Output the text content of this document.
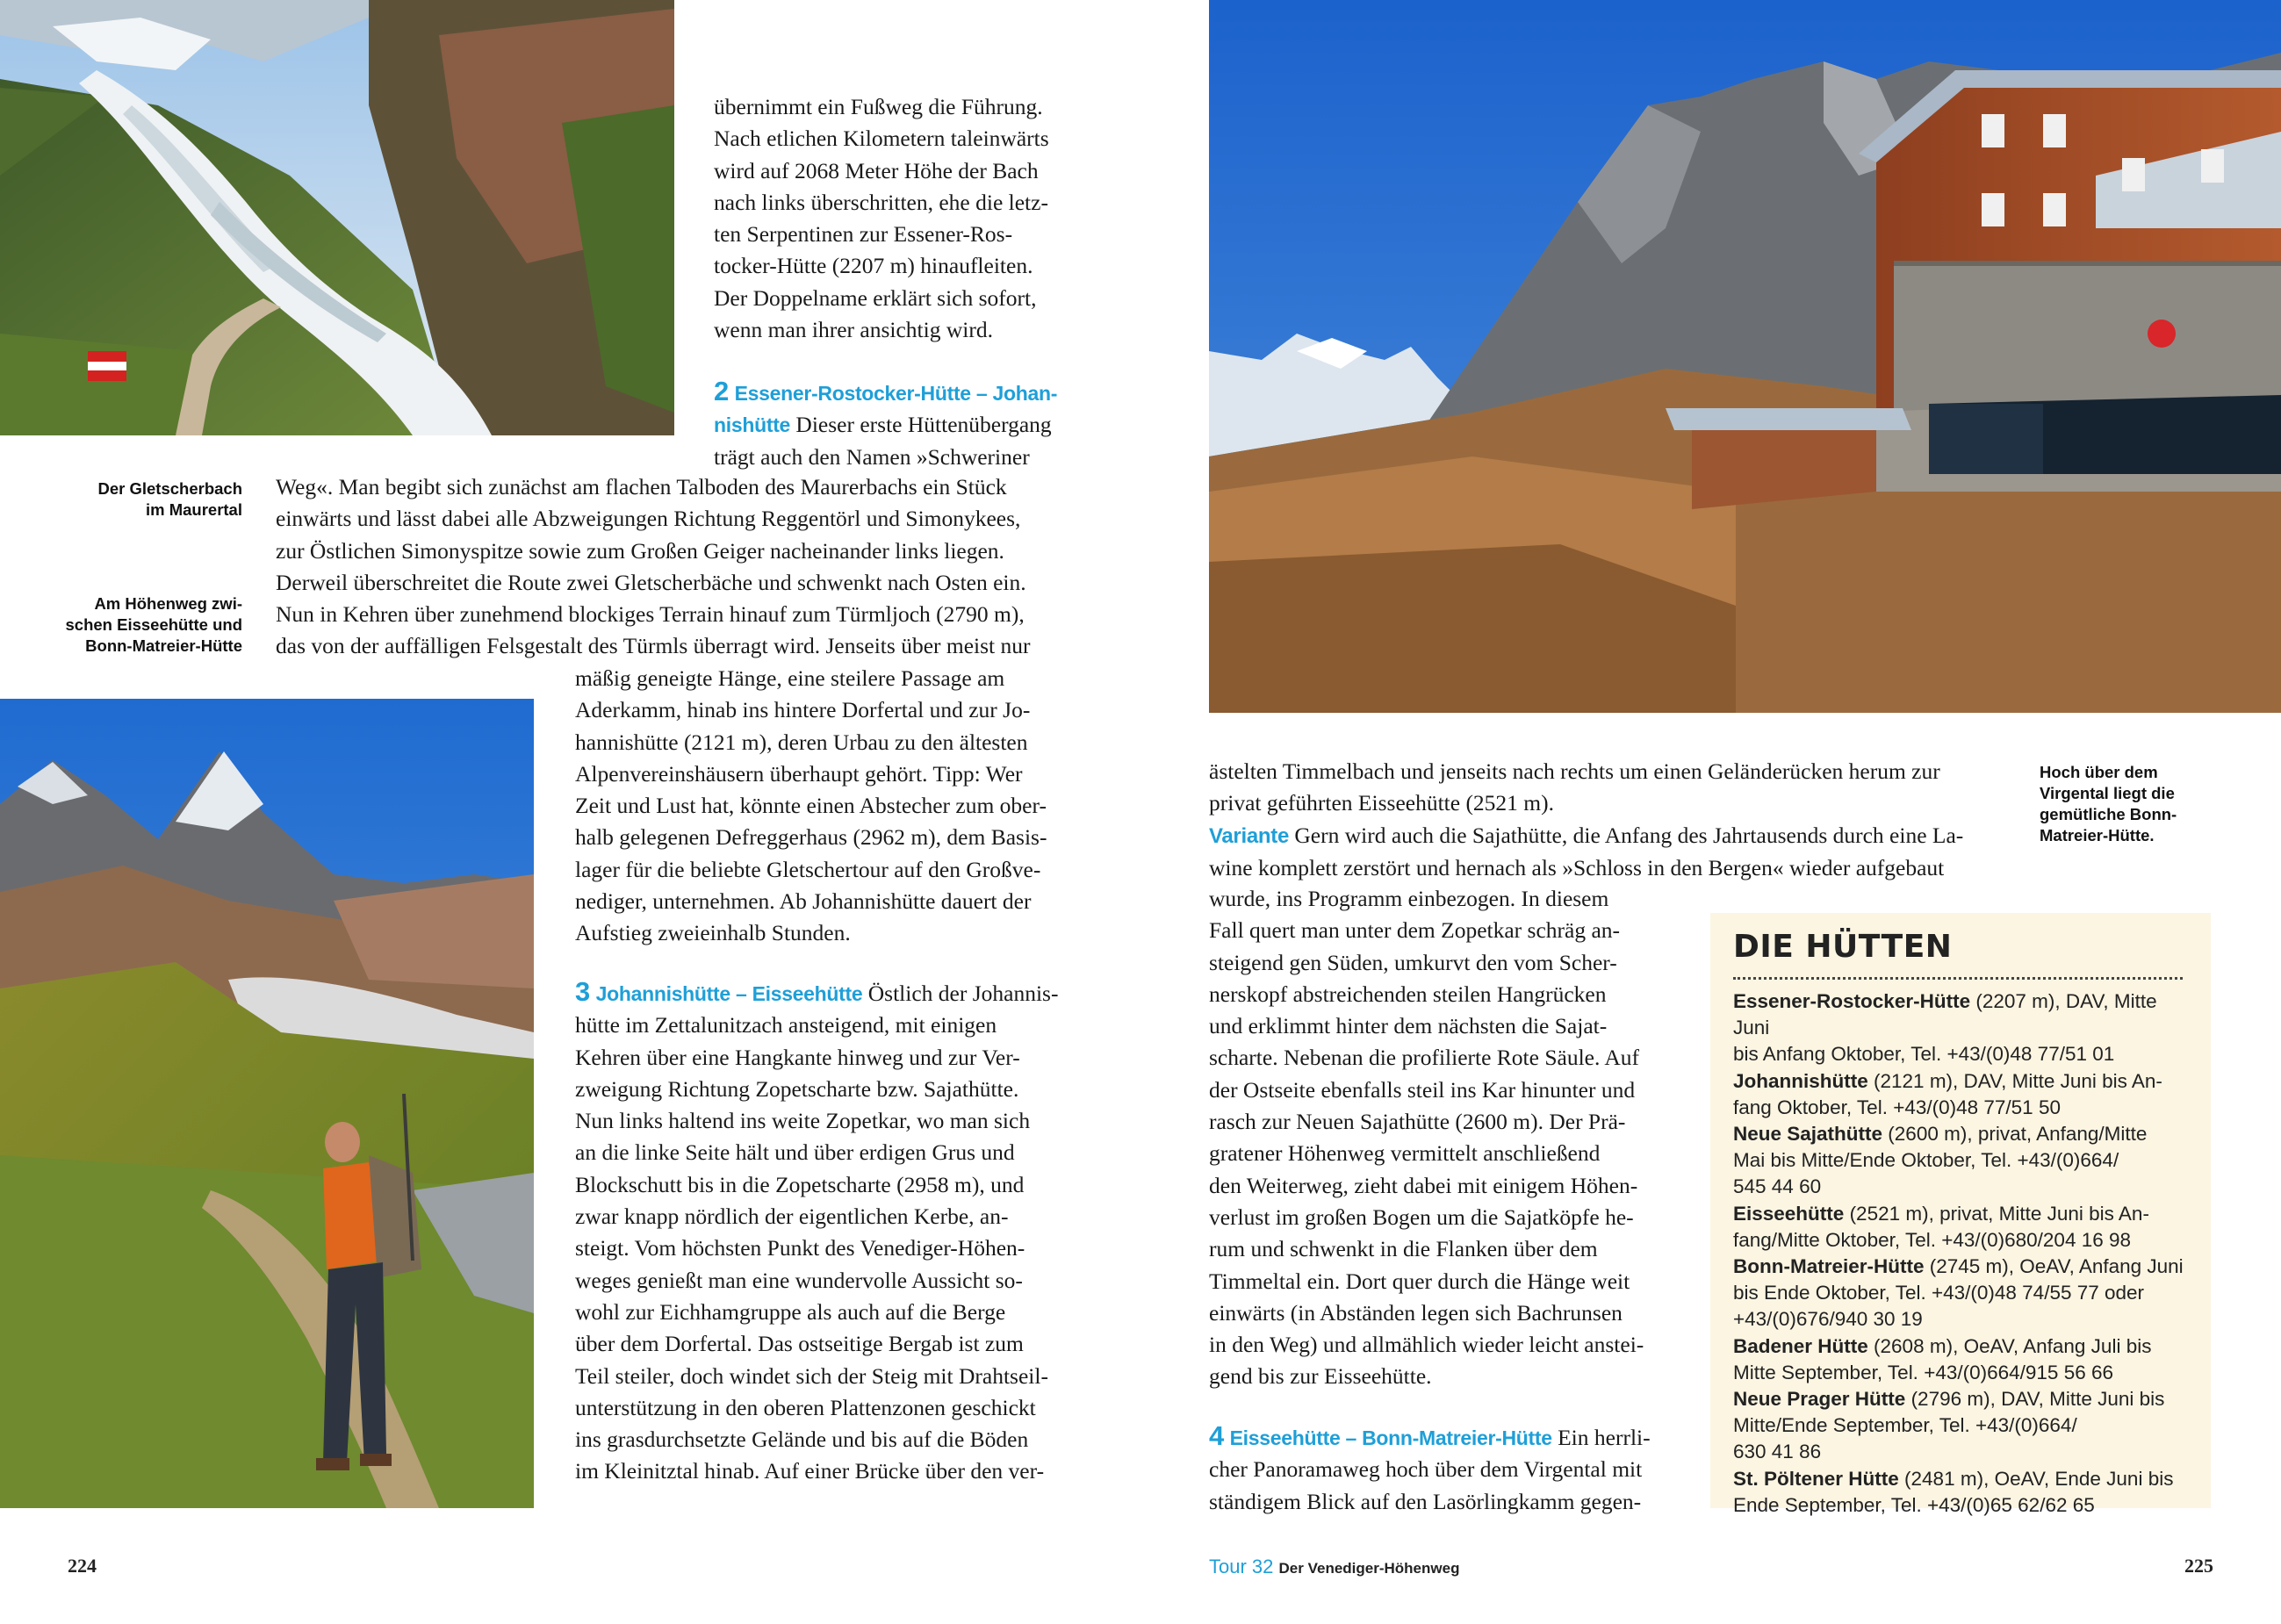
übernimmt ein Fußweg die Führung.

Nach etlichen Kilometern taleinwärts

wird auf 2068 Meter Höhe der Bach

nach links überschritten, ehe die letz-

ten Serpentinen zur Essener-Ros-

tocker-Hütte (2207 m) hinaufleiten.

Der Doppelname erklärt sich sofort,

wenn man ihrer ansichtig wird.

2 Essener-Rostocker-Hütte – Johan-

nishütte Dieser erste Hüttenübergang

trägt auch den Namen »Schweriner

Weg«. Man begibt sich zunächst am flachen Talboden des Maurerbachs ein Stück

einwärts und lässt dabei alle Abzweigungen Richtung Reggentörl und Simonykees,

zur Östlichen Simonyspitze sowie zum Großen Geiger nacheinander links liegen.

Derweil überschreitet die Route zwei Gletscherbäche und schwenkt nach Osten ein.

Nun in Kehren über zunehmend blockiges Terrain hinauf zum Türmljoch (2790 m),

das von der auffälligen Felsgestalt des Türmls überragt wird. Jenseits über meist nur

mäßig geneigte Hänge, eine steilere Passage am

Aderkamm, hinab ins hintere Dorfertal und zur Jo-

hannishütte (2121 m), deren Urbau zu den ältesten

Alpenvereinshäusern überhaupt gehört. Tipp: Wer

Zeit und Lust hat, könnte einen Abstecher zum ober-

halb gelegenen Defreggerhaus (2962 m), dem Basis-

lager für die beliebte Gletschertour auf den Großve-

nediger, unternehmen. Ab Johannishütte dauert der

Aufstieg zweieinhalb Stunden.

3 Johannishütte – Eisseehütte Östlich der Johannis-

hütte im Zettalunitzach ansteigend, mit einigen

Kehren über eine Hangkante hinweg und zur Ver-

zweigung Richtung Zopetscharte bzw. Sajathütte.

Nun links haltend ins weite Zopetkar, wo man sich

an die linke Seite hält und über erdigen Grus und

Blockschutt bis in die Zopetscharte (2958 m), und

zwar knapp nördlich der eigentlichen Kerbe, an-

steigt. Vom höchsten Punkt des Venediger-Höhen-

weges genießt man eine wundervolle Aussicht so-

wohl zur Eichhamgruppe als auch auf die Berge

über dem Dorfertal. Das ostseitige Bergab ist zum

Teil steiler, doch windet sich der Steig mit Drahtseil-

unterstützung in den oberen Plattenzonen geschickt

ins grasdurchsetzte Gelände und bis auf die Böden

im Kleinitztal hinab. Auf einer Brücke über den ver-

Der Gletscherbach
im Maurertal
Am Höhenweg zwi-
schen Eisseehütte und
Bonn-Matreier-Hütte
224

ästelten Timmelbach und jenseits nach rechts um einen Geländerücken herum zur

privat geführten Eisseehütte (2521 m).

Variante Gern wird auch die Sajathütte, die Anfang des Jahrtausends durch eine La-

wine komplett zerstört und hernach als »Schloss in den Bergen« wieder aufgebaut

wurde, ins Programm einbezogen. In diesem

Fall quert man unter dem Zopetkar schräg an-

steigend gen Süden, umkurvt den vom Scher-

nerskopf abstreichenden steilen Hangrücken

und erklimmt hinter dem nächsten die Sajat-

scharte. Nebenan die profilierte Rote Säule. Auf

der Ostseite ebenfalls steil ins Kar hinunter und

rasch zur Neuen Sajathütte (2600 m). Der Prä-

gratener Höhenweg vermittelt anschließend

den Weiterweg, zieht dabei mit einigem Höhen-

verlust im großen Bogen um die Sajatköpfe he-

rum und schwenkt in die Flanken über dem

Timmeltal ein. Dort quer durch die Hänge weit

einwärts (in Abständen legen sich Bachrunsen

in den Weg) und allmählich wieder leicht anstei-

gend bis zur Eisseehütte.

4 Eisseehütte – Bonn-Matreier-Hütte Ein herrli-

cher Panoramaweg hoch über dem Virgental mit

ständigem Blick auf den Lasörlingkamm gegen-

Hoch über dem
Virgental liegt die
gemütliche Bonn-
Matreier-Hütte.
DIE HÜTTEN
Essener-Rostocker-Hütte (2207 m), DAV, Mitte Juni
bis Anfang Oktober, Tel. +43/(0)48 77/51 01
Johannishütte (2121 m), DAV, Mitte Juni bis An-
fang Oktober, Tel. +43/(0)48 77/51 50
Neue Sajathütte (2600 m), privat, Anfang/Mitte
Mai bis Mitte/Ende Oktober, Tel. +43/(0)664/
545 44 60
Eisseehütte (2521 m), privat, Mitte Juni bis An-
fang/Mitte Oktober, Tel. +43/(0)680/204 16 98
Bonn-Matreier-Hütte (2745 m), OeAV, Anfang Juni
bis Ende Oktober, Tel. +43/(0)48 74/55 77 oder
+43/(0)676/940 30 19
Badener Hütte (2608 m), OeAV, Anfang Juli bis
Mitte September, Tel. +43/(0)664/915 56 66
Neue Prager Hütte (2796 m), DAV, Mitte Juni bis
Mitte/Ende September, Tel. +43/(0)664/
630 41 86
St. Pöltener Hütte (2481 m), OeAV, Ende Juni bis
Ende September, Tel. +43/(0)65 62/62 65
Tour 32 Der Venediger-Höhenweg	225
